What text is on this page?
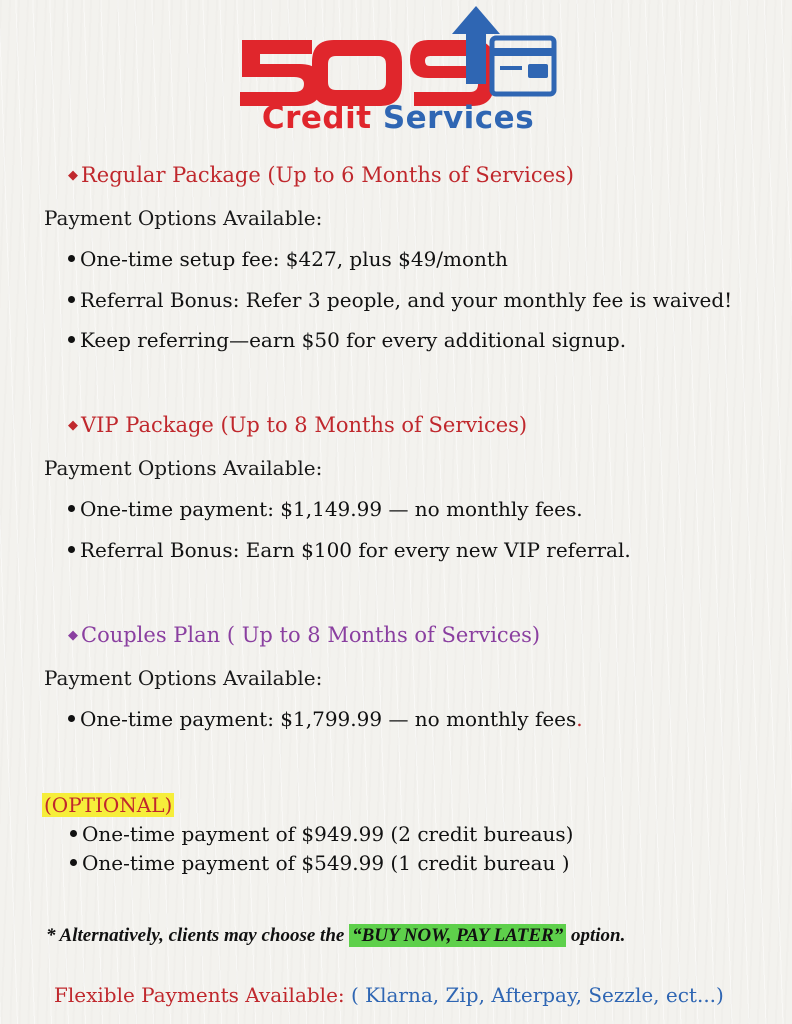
Credit Services
◆ Regular Package (Up to 6 Months of Services)
Payment Options Available:
One-time setup fee: $427, plus $49/month
Referral Bonus: Refer 3 people, and your monthly fee is waived!
Keep referring—earn $50 for every additional signup.
◆ VIP Package (Up to 8 Months of Services)
Payment Options Available:
One-time payment: $1,149.99 — no monthly fees.
Referral Bonus: Earn $100 for every new VIP referral.
◆ Couples Plan ( Up to 8 Months of Services)
Payment Options Available:
One-time payment: $1,799.99 — no monthly fees.
(OPTIONAL)
One-time payment of $949.99 (2 credit bureaus)
One-time payment of $549.99 (1 credit bureau )
* Alternatively, clients may choose the “BUY NOW, PAY LATER” option.
Flexible Payments Available: ( Klarna, Zip, Afterpay, Sezzle, ect...)
